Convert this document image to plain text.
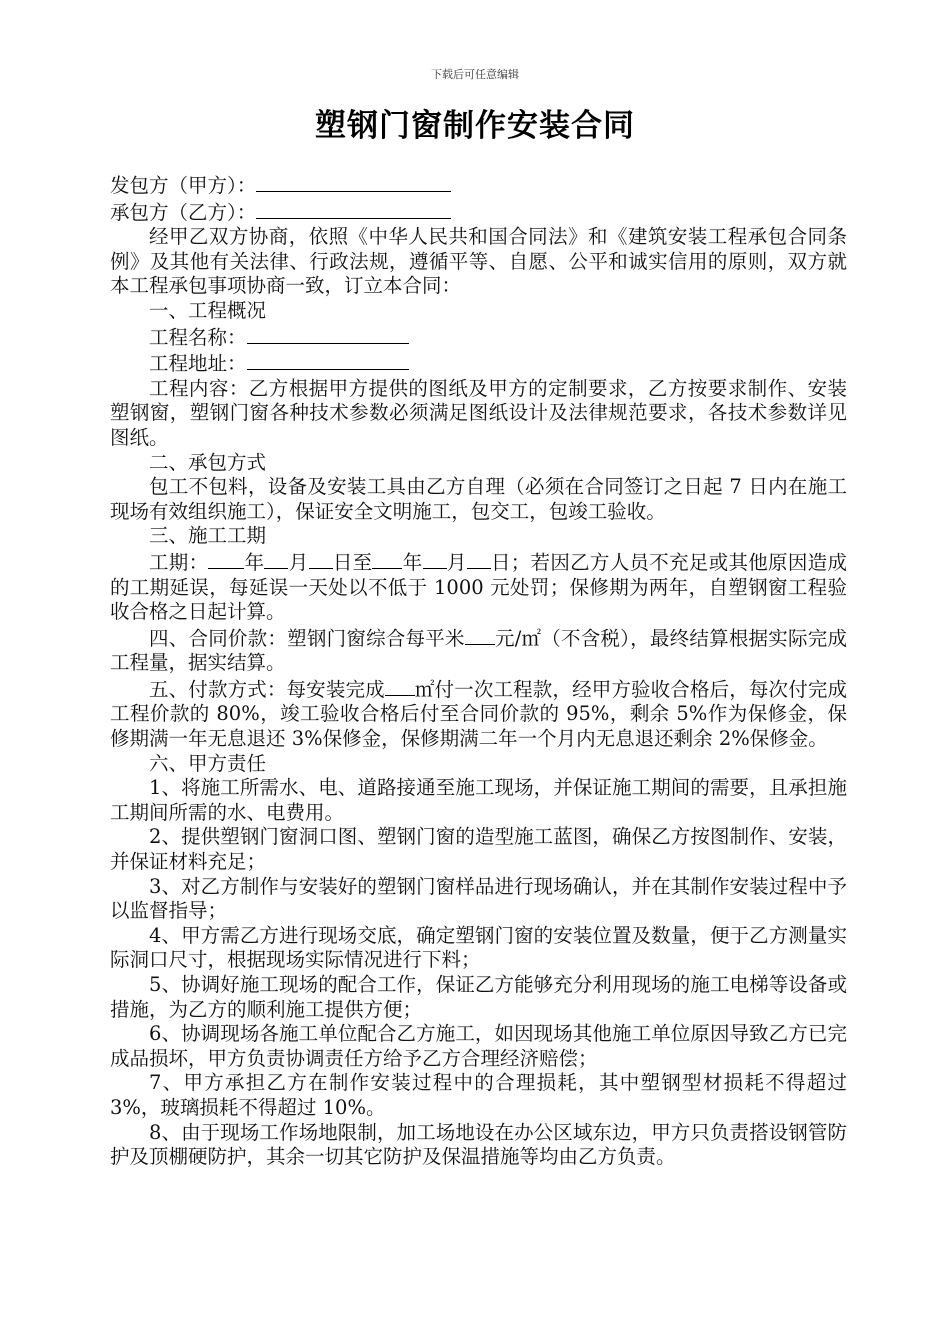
下载后可任意编辑
塑钢门窗制作安装合同

发包方（甲方）：

承包方（乙方）：

经甲乙双方协商，依照《中华人民共和国合同法》和《建筑安装工程承包合同条例》及其他有关法律、行政法规，遵循平等、自愿、公平和诚实信用的原则，双方就本工程承包事项协商一致，订立本合同：

一、工程概况

工程名称：

工程地址：

工程内容：乙方根据甲方提供的图纸及甲方的定制要求，乙方按要求制作、安装塑钢窗，塑钢门窗各种技术参数必须满足图纸设计及法律规范要求，各技术参数详见图纸。

二、承包方式

包工不包料，设备及安装工具由乙方自理（必须在合同签订之日起 7 日内在施工现场有效组织施工），保证安全文明施工，包交工，包竣工验收。

三、施工工期

工期： 年 月 日至 年 月 日；若因乙方人员不充足或其他原因造成的工期延误，每延误一天处以不低于 1000 元处罚；保修期为两年，自塑钢窗工程验收合格之日起计算。

四、合同价款：塑钢门窗综合每平米 元/㎡（不含税），最终结算根据实际完成工程量，据实结算。

五、付款方式：每安装完成 ㎡付一次工程款，经甲方验收合格后，每次付完成工程价款的 80%，竣工验收合格后付至合同价款的 95%，剩余 5%作为保修金，保修期满一年无息退还 3%保修金，保修期满二年一个月内无息退还剩余 2%保修金。

六、甲方责任

1、将施工所需水、电、道路接通至施工现场，并保证施工期间的需要，且承担施工期间所需的水、电费用。

2、提供塑钢门窗洞口图、塑钢门窗的造型施工蓝图，确保乙方按图制作、安装，并保证材料充足；

3、对乙方制作与安装好的塑钢门窗样品进行现场确认，并在其制作安装过程中予以监督指导；

4、甲方需乙方进行现场交底，确定塑钢门窗的安装位置及数量，便于乙方测量实际洞口尺寸，根据现场实际情况进行下料；

5、协调好施工现场的配合工作，保证乙方能够充分利用现场的施工电梯等设备或措施，为乙方的顺利施工提供方便；

6、协调现场各施工单位配合乙方施工，如因现场其他施工单位原因导致乙方已完成品损坏，甲方负责协调责任方给予乙方合理经济赔偿；

7、甲方承担乙方在制作安装过程中的合理损耗，其中塑钢型材损耗不得超过 3%，玻璃损耗不得超过 10%。

8、由于现场工作场地限制，加工场地设在办公区域东边，甲方只负责搭设钢管防护及顶棚硬防护，其余一切其它防护及保温措施等均由乙方负责。
